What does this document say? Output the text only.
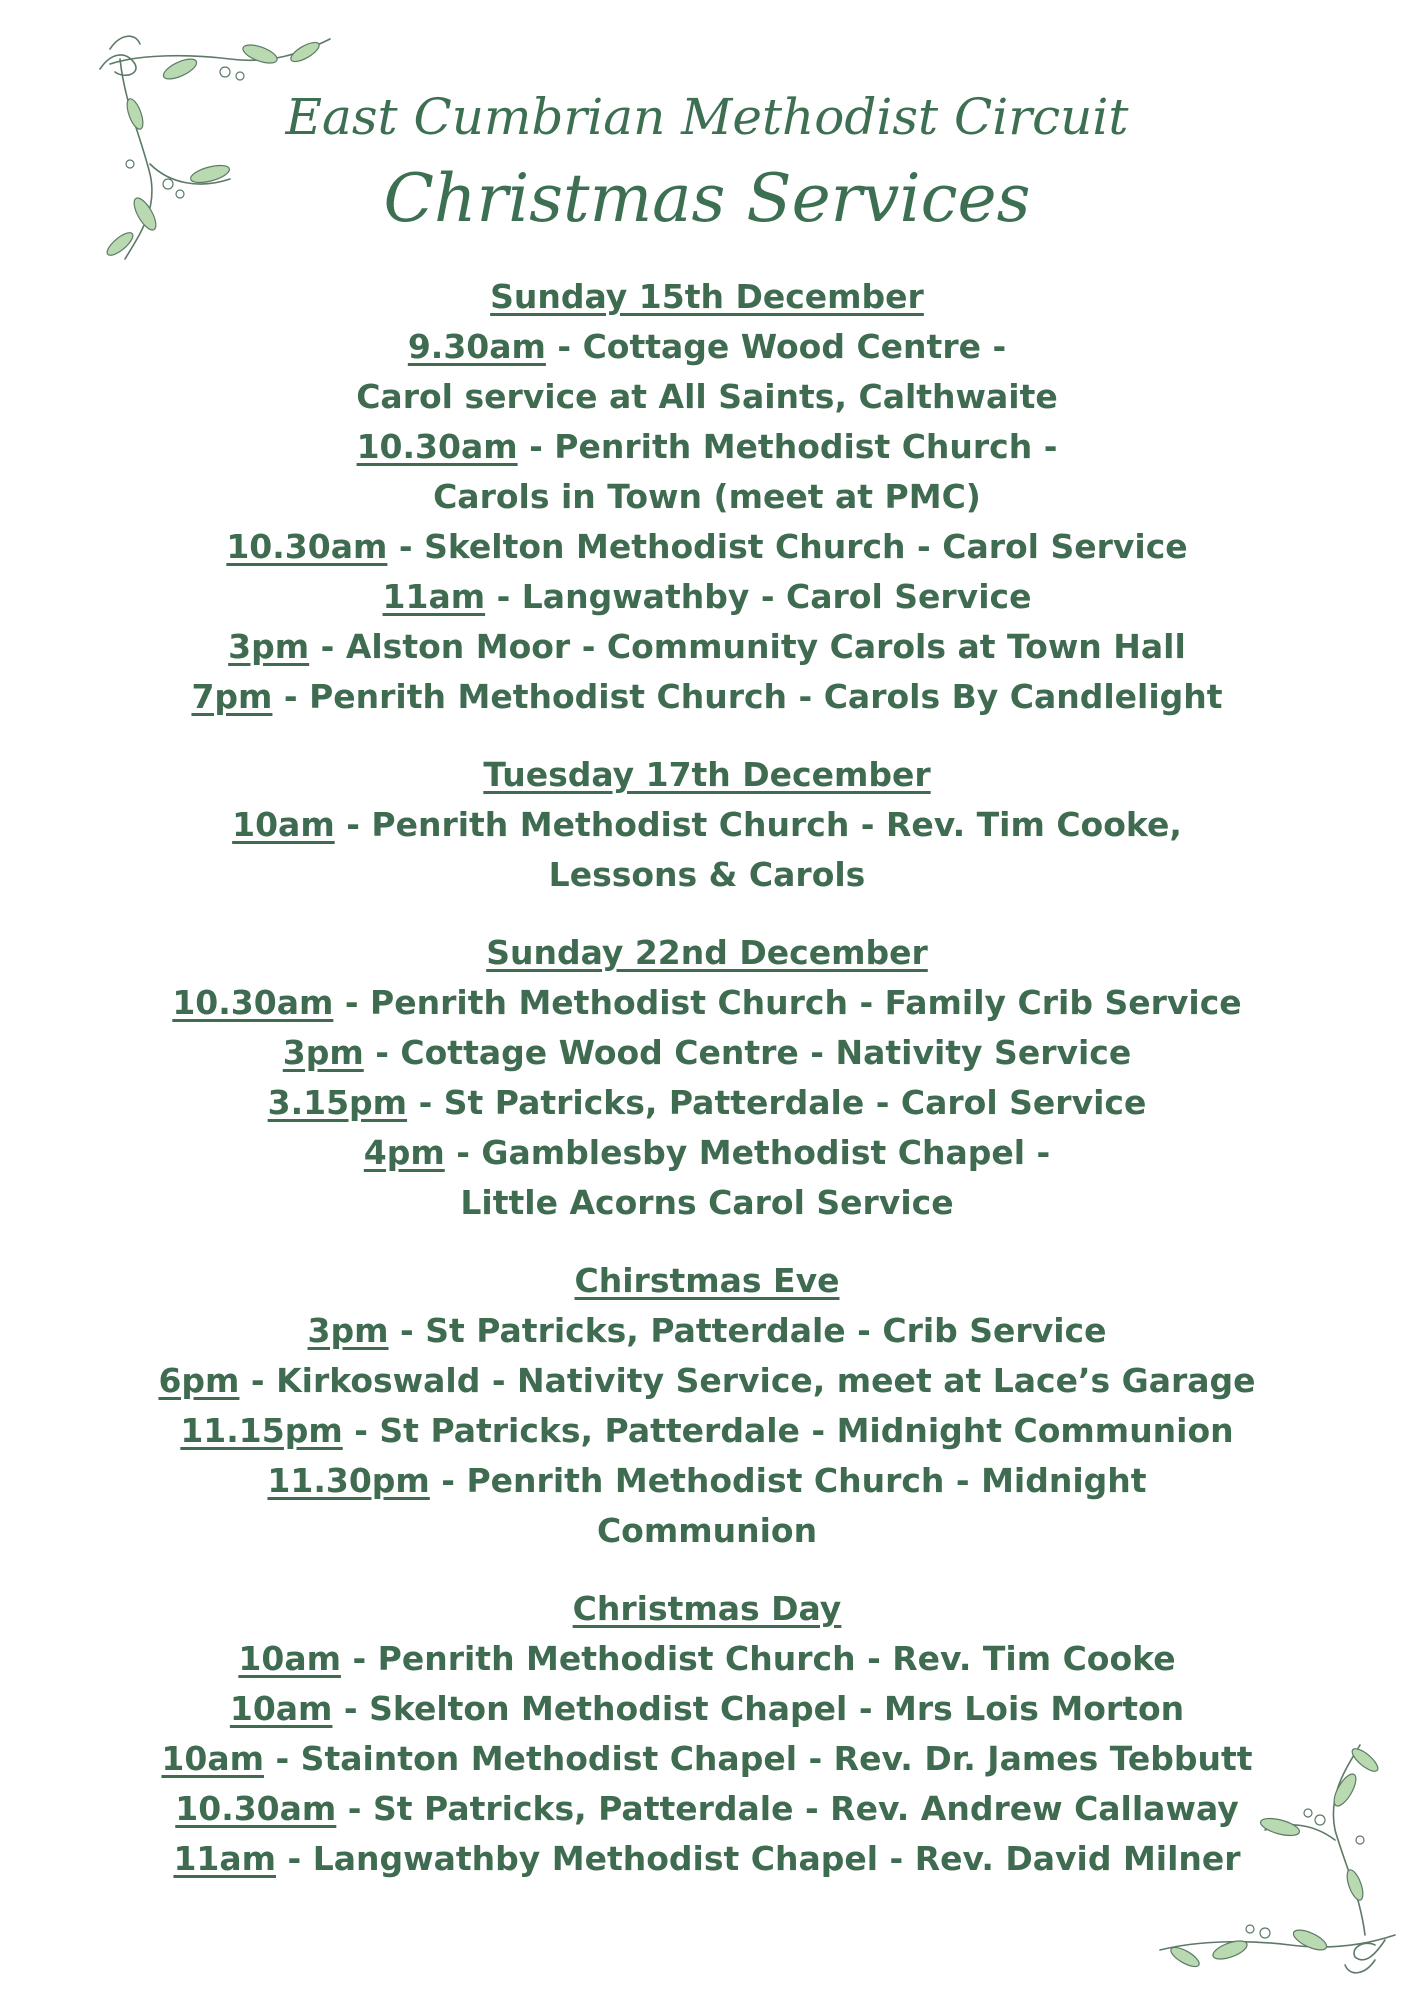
East Cumbrian Methodist Circuit
Christmas Services
Sunday 15th December
9.30am - Cottage Wood Centre -
Carol service at All Saints, Calthwaite
10.30am - Penrith Methodist Church -
Carols in Town (meet at PMC)
10.30am - Skelton Methodist Church - Carol Service
11am - Langwathby - Carol Service
3pm - Alston Moor - Community Carols at Town Hall
7pm - Penrith Methodist Church - Carols By Candlelight
Tuesday 17th December
10am - Penrith Methodist Church - Rev. Tim Cooke,
Lessons & Carols
Sunday 22nd December
10.30am - Penrith Methodist Church - Family Crib Service
3pm - Cottage Wood Centre - Nativity Service
3.15pm - St Patricks, Patterdale - Carol Service
4pm - Gamblesby Methodist Chapel -
Little Acorns Carol Service
Chirstmas Eve
3pm - St Patricks, Patterdale - Crib Service
6pm - Kirkoswald - Nativity Service, meet at Lace’s Garage
11.15pm - St Patricks, Patterdale - Midnight Communion
11.30pm - Penrith Methodist Church - Midnight
Communion
Christmas Day
10am - Penrith Methodist Church - Rev. Tim Cooke
10am - Skelton Methodist Chapel - Mrs Lois Morton
10am - Stainton Methodist Chapel - Rev. Dr. James Tebbutt
10.30am - St Patricks, Patterdale - Rev. Andrew Callaway
11am - Langwathby Methodist Chapel - Rev. David Milner
